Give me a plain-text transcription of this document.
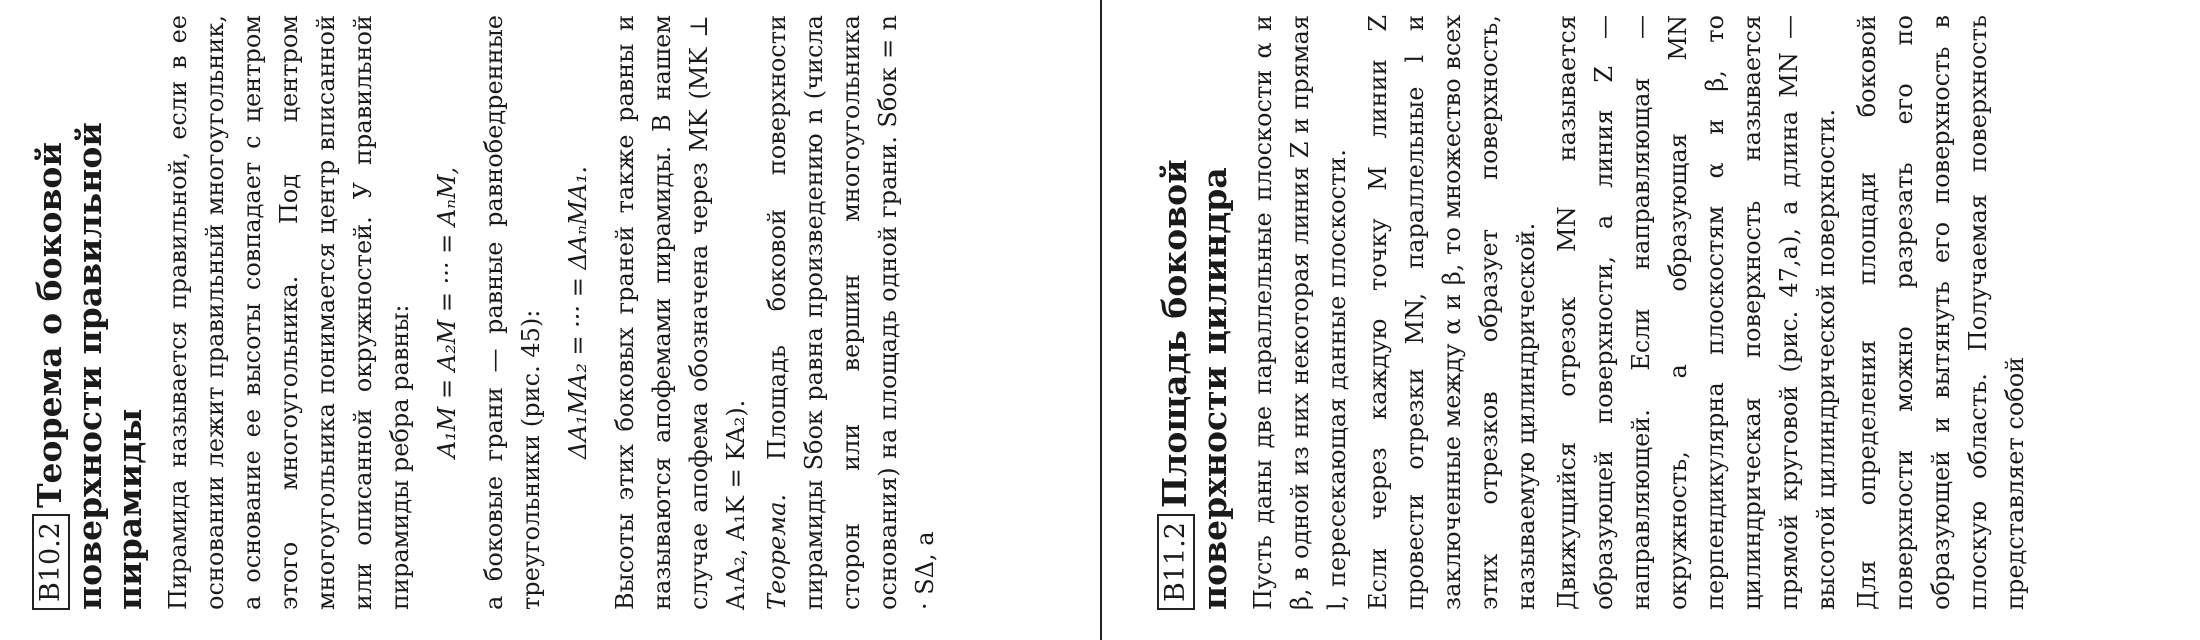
B10.2Теорема о боковой поверхности правильной пирамиды Пирамида называется правильной, если в ее основании лежит правильный многоугольник, а основание ее высоты совпадает с центром этого многоугольника. Под центром многоугольника понимается центр вписанной или описанной окружностей. У правильной пирамиды ребра равны: A₁M = A₂M = ··· = AₙM, а боковые грани — равные равнобедренные треугольники (рис. 45): ΔA₁MA₂ = ··· = ΔAₙMA₁. Высоты этих боковых граней также равны и называются апофемами пирамиды. В нашем случае апофема обозначена через MK (MK ⊥ A₁A₂, A₁K = KA₂). Теорема. Площадь боковой поверхности пирамиды Sбок равна произведению n (числа сторон или вершин многоугольника основания) на площадь одной грани. Sбок = n · SΔ, а	B11.2Площадь боковой поверхности цилиндра Пусть даны две параллельные плоскости α и β, в одной из них некоторая линия Z и прямая l, пересекающая данные плоскости. Если через каждую точку M линии Z провести отрезки MN, параллельные l и заключенные между α и β, то множество всех этих отрезков образует поверхность, называемую цилиндрической. Движущийся отрезок MN называется образующей поверхности, а линия Z — направляющей. Если направляющая — окружность, а образующая MN перпендикулярна плоскостям α и β, то цилиндрическая поверхность называется прямой круговой (рис. 47,a), а длина MN — высотой цилиндрической поверхности. Для определения площади боковой поверхности можно разрезать его по образующей и вытянуть его поверхность в плоскую область. Получаемая поверхность представляет собой
